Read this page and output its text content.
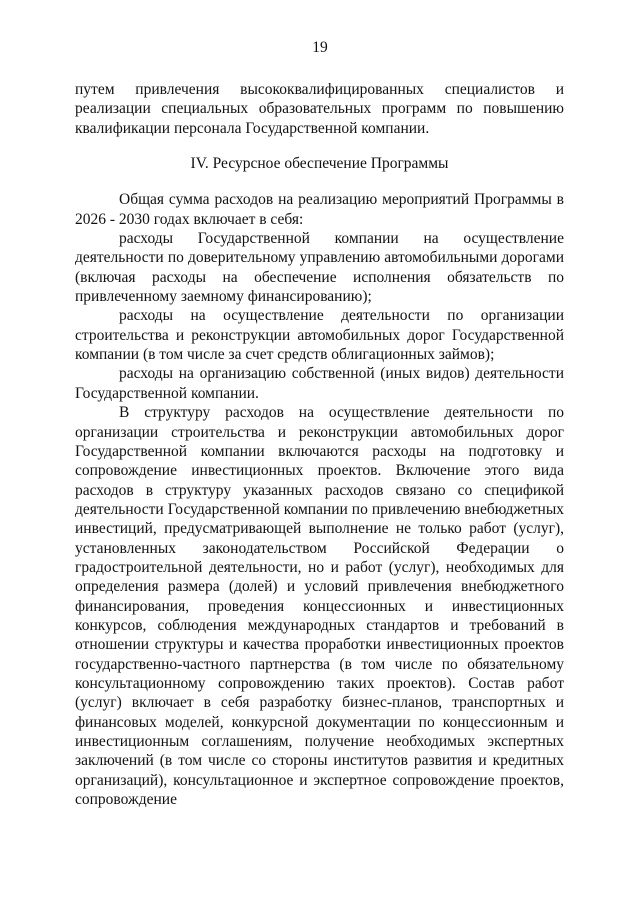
19

путем привлечения высококвалифицированных специалистов и реализации специальных образовательных программ по повышению квалификации персонала Государственной компании.

IV. Ресурсное обеспечение Программы

Общая сумма расходов на реализацию мероприятий Программы в 2026 - 2030 годах включает в себя:

расходы Государственной компании на осуществление деятельности по доверительному управлению автомобильными дорогами (включая расходы на обеспечение исполнения обязательств по привлеченному заемному финансированию);

расходы на осуществление деятельности по организации строительства и реконструкции автомобильных дорог Государственной компании (в том числе за счет средств облигационных займов);

расходы на организацию собственной (иных видов) деятельности Государственной компании.

В структуру расходов на осуществление деятельности по организации строительства и реконструкции автомобильных дорог Государственной компании включаются расходы на подготовку и сопровождение инвестиционных проектов. Включение этого вида расходов в структуру указанных расходов связано со спецификой деятельности Государственной компании по привлечению внебюджетных инвестиций, предусматривающей выполнение не только работ (услуг), установленных законодательством Российской Федерации о градостроительной деятельности, но и работ (услуг), необходимых для определения размера (долей) и условий привлечения внебюджетного финансирования, проведения концессионных и инвестиционных конкурсов, соблюдения международных стандартов и требований в отношении структуры и качества проработки инвестиционных проектов государственно-частного партнерства (в том числе по обязательному консультационному сопровождению таких проектов). Состав работ (услуг) включает в себя разработку бизнес-планов, транспортных и финансовых моделей, конкурсной документации по концессионным и инвестиционным соглашениям, получение необходимых экспертных заключений (в том числе со стороны институтов развития и кредитных организаций), консультационное и экспертное сопровождение проектов, сопровождение
